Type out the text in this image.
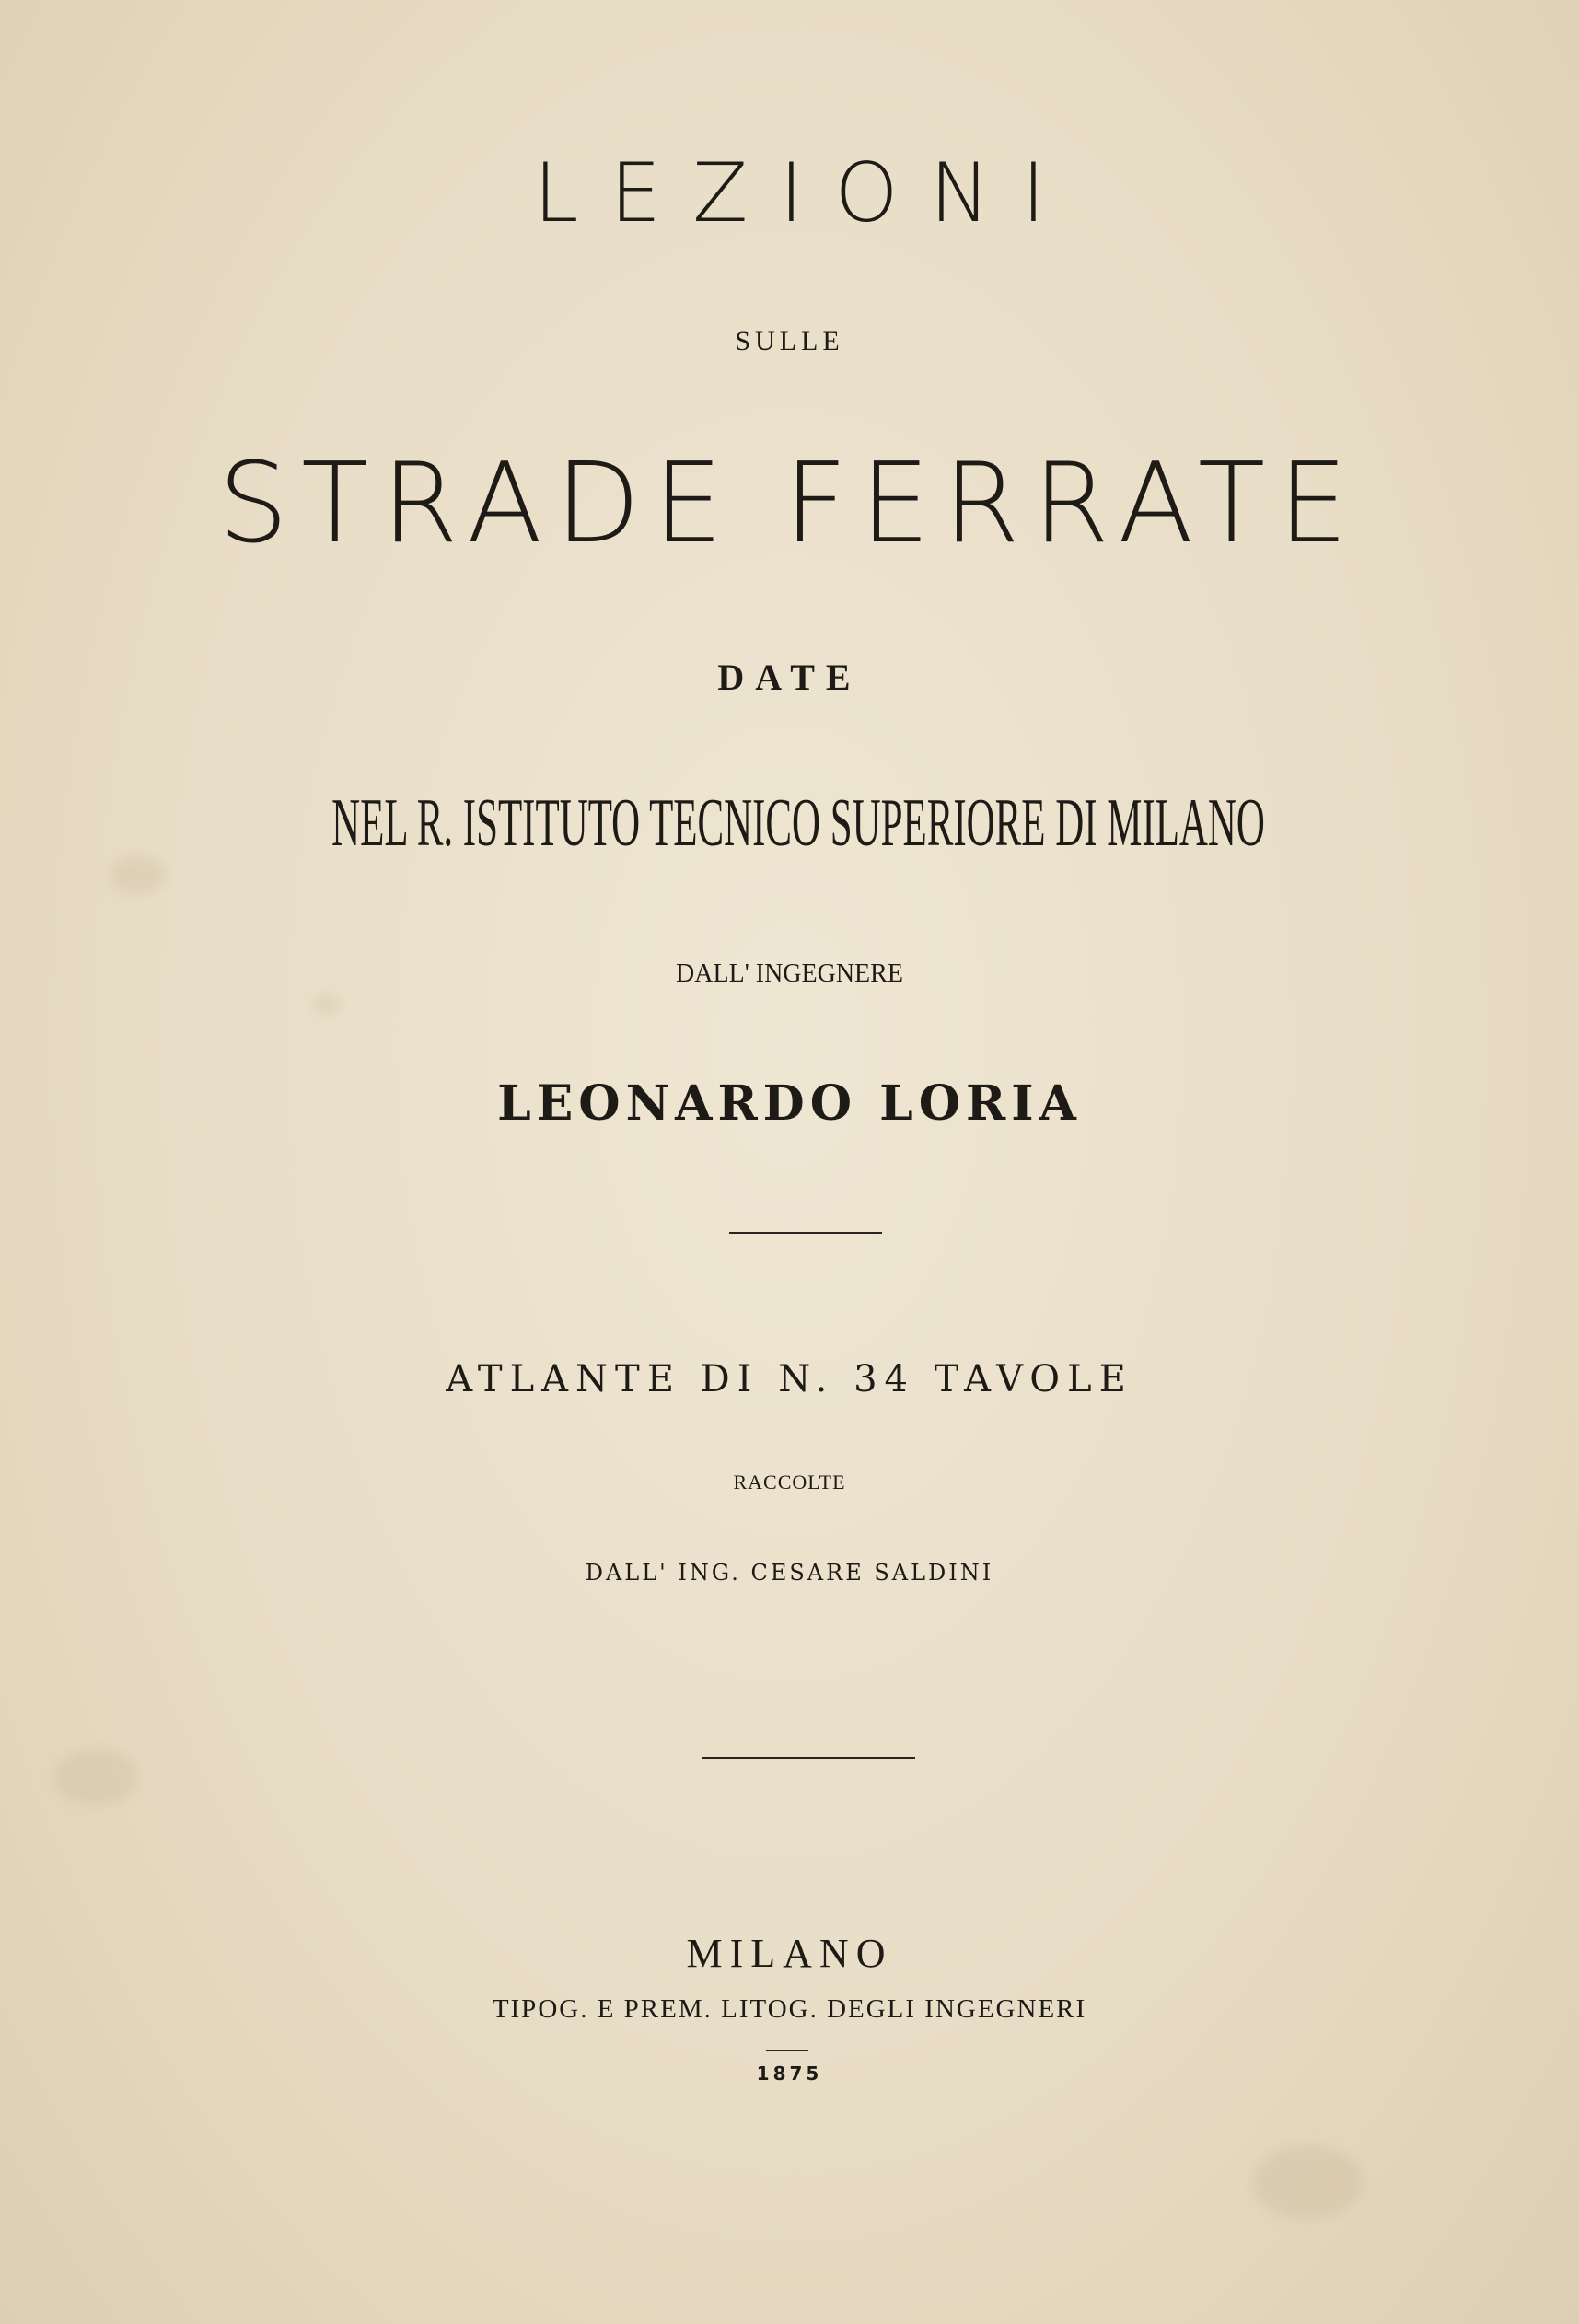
LEZIONI
SULLE
STRADE FERRATE
DATE
NEL R. ISTITUTO TECNICO SUPERIORE DI MILANO
DALL' INGEGNERE
LEONARDO LORIA
ATLANTE DI N. 34 TAVOLE
RACCOLTE
DALL' ING. CESARE SALDINI
MILANO
TIPOG. E PREM. LITOG. DEGLI INGEGNERI
1875
